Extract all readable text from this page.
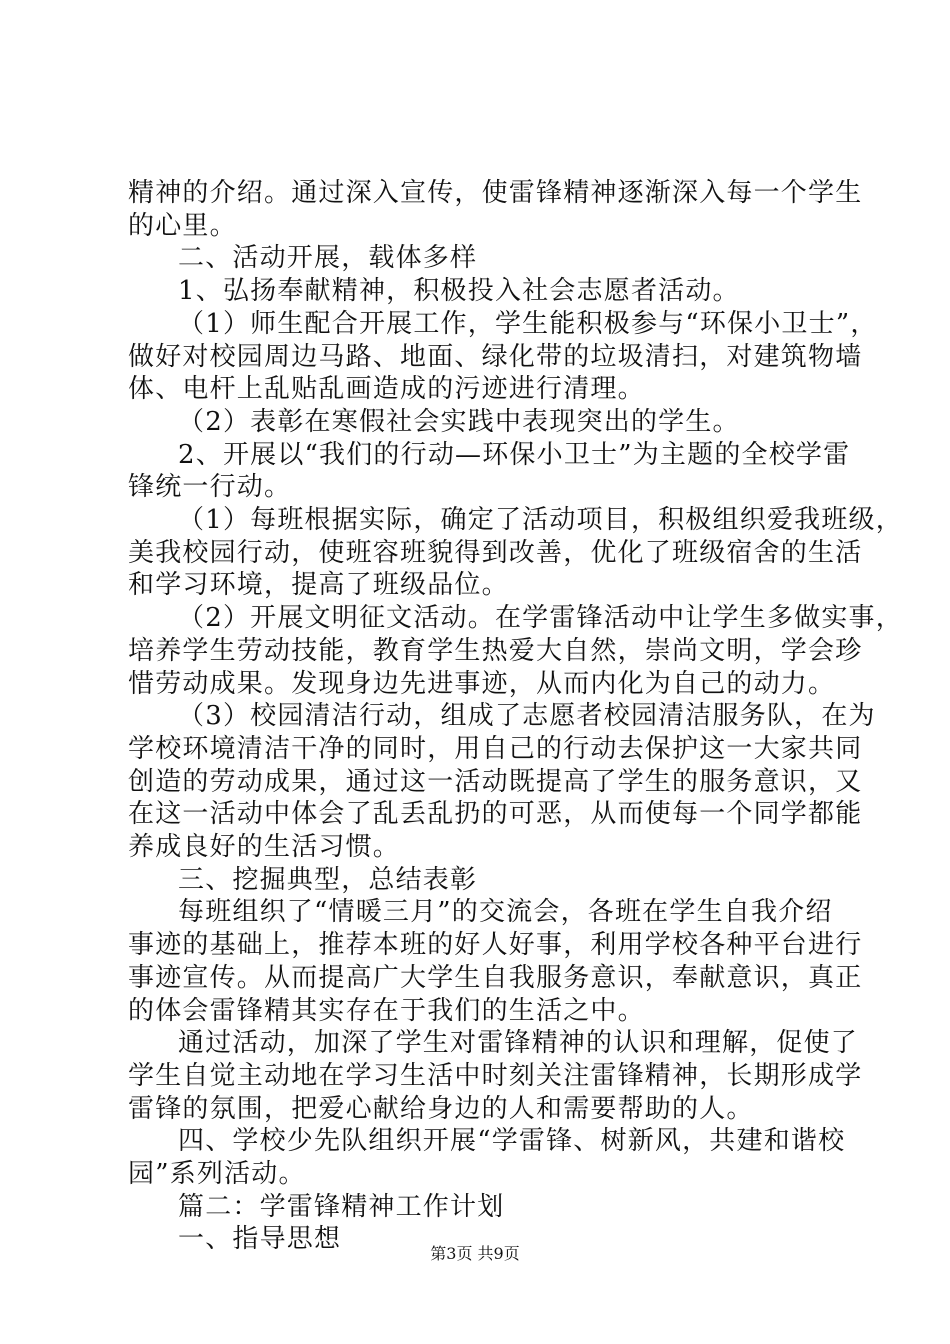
精神的介绍。通过深入宣传，使雷锋精神逐渐深入每一个学生
的心里。
二、活动开展，载体多样
1、弘扬奉献精神，积极投入社会志愿者活动。
（1）师生配合开展工作，学生能积极参与“环保小卫士”，
做好对校园周边马路、地面、绿化带的垃圾清扫，对建筑物墙
体、电杆上乱贴乱画造成的污迹进行清理。
（2）表彰在寒假社会实践中表现突出的学生。
2、开展以“我们的行动—环保小卫士”为主题的全校学雷
锋统一行动。
（1）每班根据实际，确定了活动项目，积极组织爱我班级，
美我校园行动，使班容班貌得到改善，优化了班级宿舍的生活
和学习环境，提高了班级品位。
（2）开展文明征文活动。在学雷锋活动中让学生多做实事，
培养学生劳动技能，教育学生热爱大自然，崇尚文明，学会珍
惜劳动成果。发现身边先进事迹，从而内化为自己的动力。
（3）校园清洁行动，组成了志愿者校园清洁服务队，在为
学校环境清洁干净的同时，用自己的行动去保护这一大家共同
创造的劳动成果，通过这一活动既提高了学生的服务意识，又
在这一活动中体会了乱丢乱扔的可恶，从而使每一个同学都能
养成良好的生活习惯。
三、挖掘典型，总结表彰
每班组织了“情暖三月”的交流会，各班在学生自我介绍
事迹的基础上，推荐本班的好人好事，利用学校各种平台进行
事迹宣传。从而提高广大学生自我服务意识，奉献意识，真正
的体会雷锋精其实存在于我们的生活之中。
通过活动，加深了学生对雷锋精神的认识和理解，促使了
学生自觉主动地在学习生活中时刻关注雷锋精神，长期形成学
雷锋的氛围，把爱心献给身边的人和需要帮助的人。
四、学校少先队组织开展“学雷锋、树新风，共建和谐校
园”系列活动。
篇二：学雷锋精神工作计划
一、指导思想	第3页 共9页
